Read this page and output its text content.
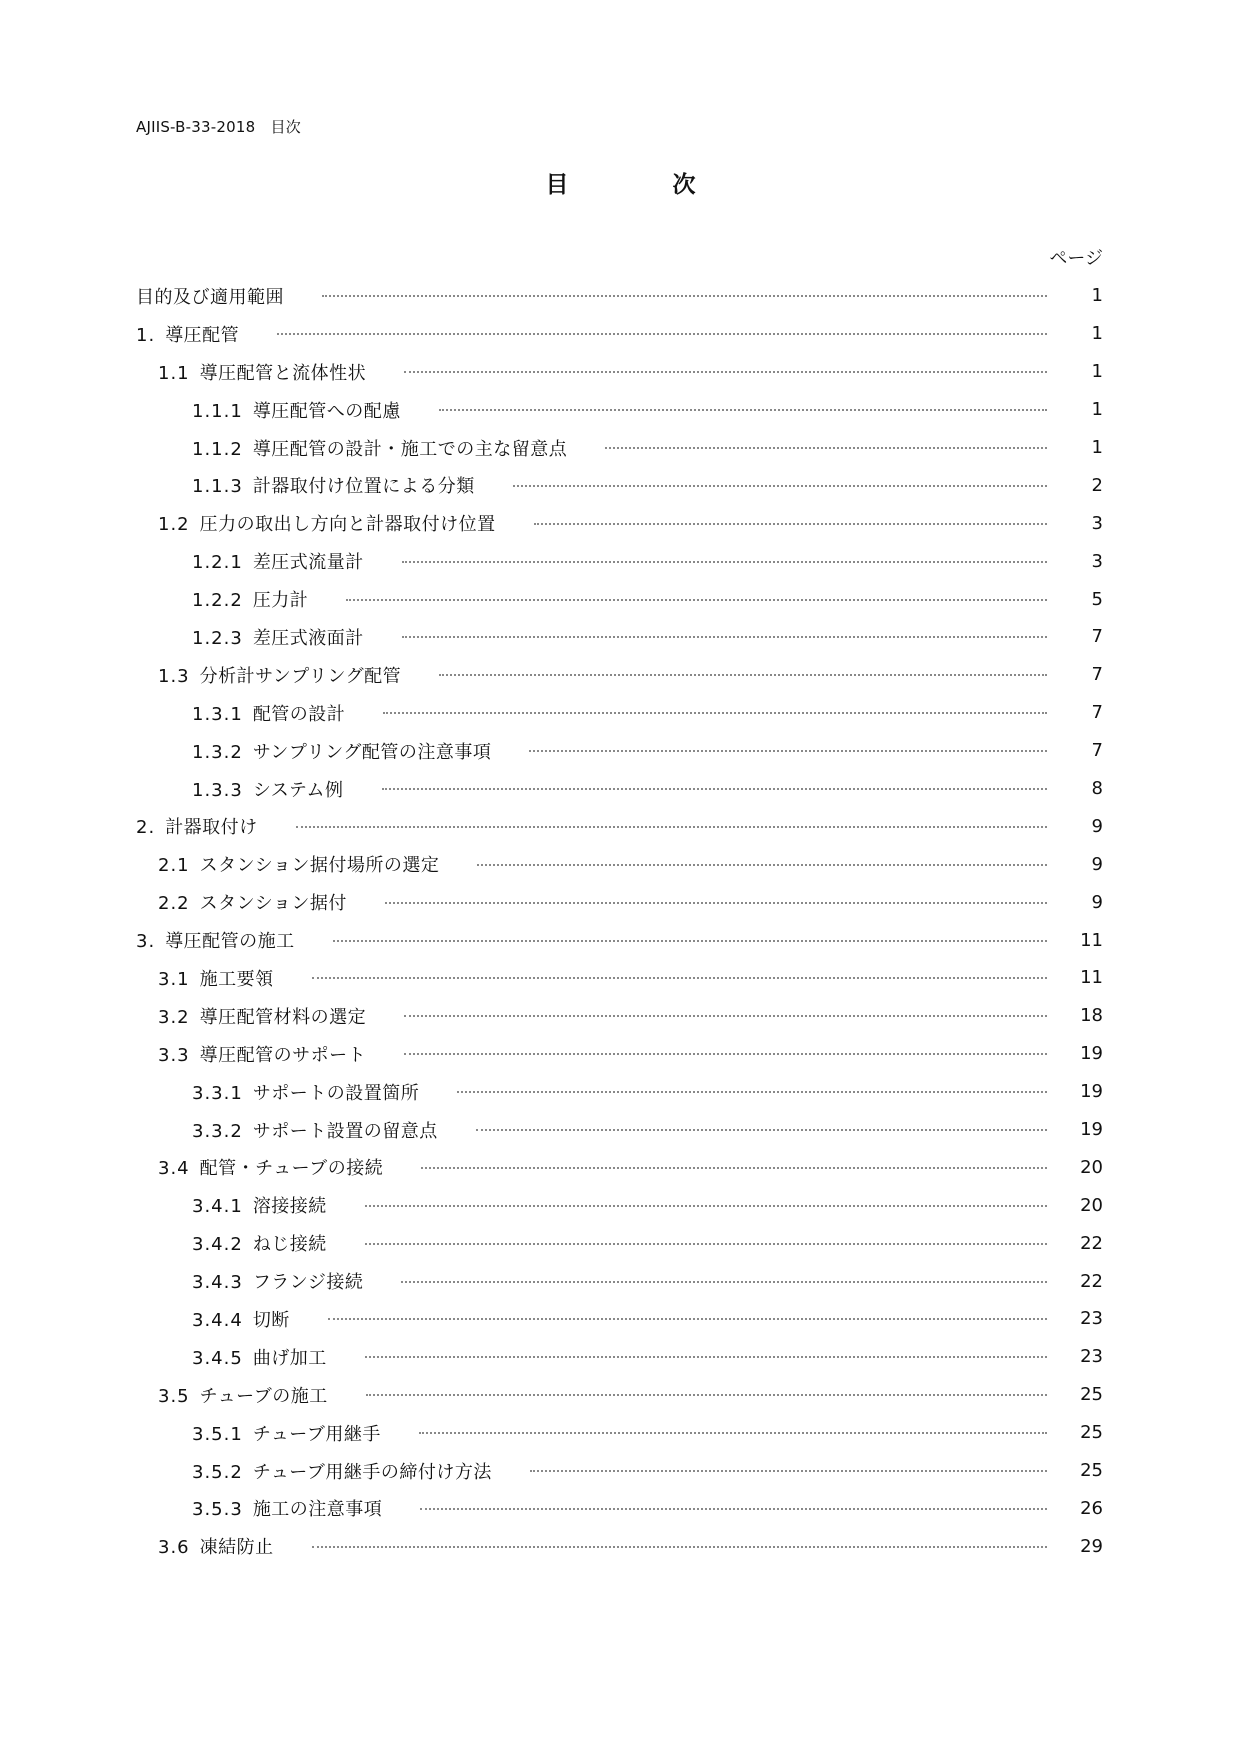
AJIIS-B-33-2018　目次
目	次
ページ
目的及び適用範囲	1
1. 導圧配管	1
1.1 導圧配管と流体性状	1
1.1.1 導圧配管への配慮	1
1.1.2 導圧配管の設計・施工での主な留意点	1
1.1.3 計器取付け位置による分類	2
1.2 圧力の取出し方向と計器取付け位置	3
1.2.1 差圧式流量計	3
1.2.2 圧力計	5
1.2.3 差圧式液面計	7
1.3 分析計サンプリング配管	7
1.3.1 配管の設計	7
1.3.2 サンプリング配管の注意事項	7
1.3.3 システム例	8
2. 計器取付け	9
2.1 スタンション据付場所の選定	9
2.2 スタンション据付	9
3. 導圧配管の施工	11
3.1 施工要領	11
3.2 導圧配管材料の選定	18
3.3 導圧配管のサポート	19
3.3.1 サポートの設置箇所	19
3.3.2 サポート設置の留意点	19
3.4 配管・チューブの接続	20
3.4.1 溶接接続	20
3.4.2 ねじ接続	22
3.4.3 フランジ接続	22
3.4.4 切断	23
3.4.5 曲げ加工	23
3.5 チューブの施工	25
3.5.1 チューブ用継手	25
3.5.2 チューブ用継手の締付け方法	25
3.5.3 施工の注意事項	26
3.6 凍結防止	29
